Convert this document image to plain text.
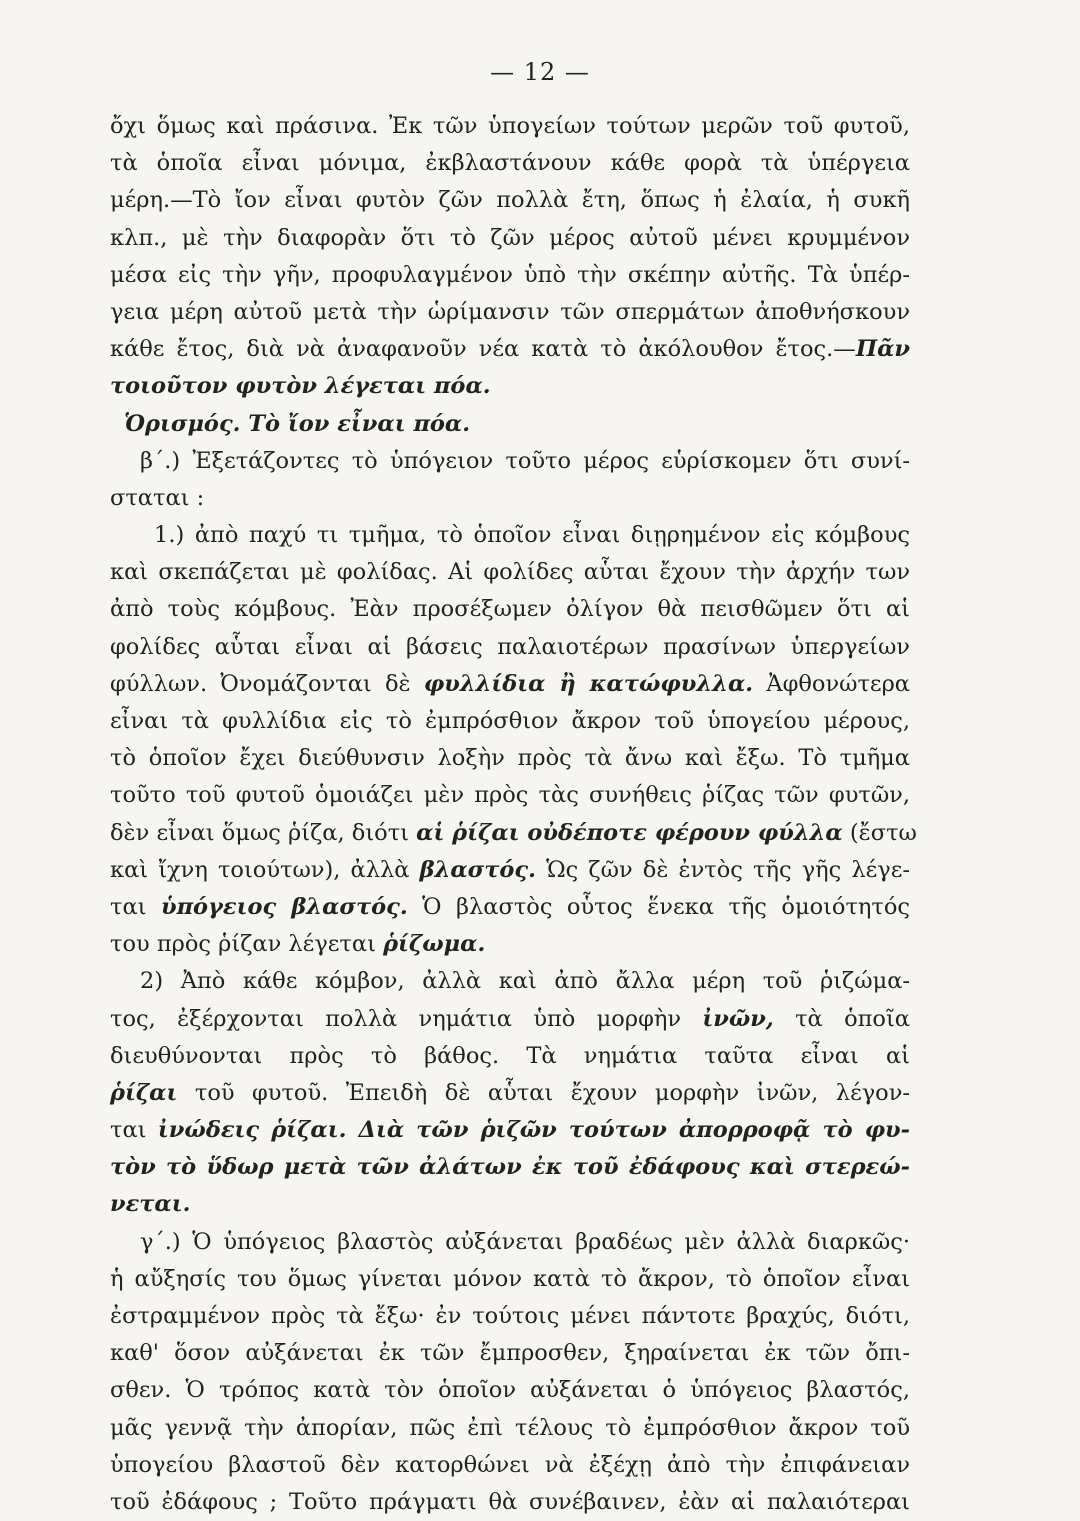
— 12 —
ὄχι ὅμως καὶ πράσινα. Ἐκ τῶν ὑπογείων τούτων μερῶν τοῦ φυτοῦ,
τὰ ὁποῖα εἶναι μόνιμα, ἐκβλαστάνουν κάθε φορὰ τὰ ὑπέργεια
μέρη.—Τὸ ἴον εἶναι φυτὸν ζῶν πολλὰ ἔτη, ὅπως ἡ ἐλαία, ἡ συκῆ
κλπ., μὲ τὴν διαφορὰν ὅτι τὸ ζῶν μέρος αὐτοῦ μένει κρυμμένον
μέσα εἰς τὴν γῆν, προφυλαγμένον ὑπὸ τὴν σκέπην αὐτῆς. Τὰ ὑπέρ-
γεια μέρη αὐτοῦ μετὰ τὴν ὡρίμανσιν τῶν σπερμάτων ἀποθνήσκουν
κάθε ἔτος, διὰ νὰ ἀναφανοῦν νέα κατὰ τὸ ἀκόλουθον ἔτος.—Πᾶν
τοιοῦτον φυτὸν λέγεται πόα.
Ὁρισμός. Τὸ ἴον εἶναι πόα.
β΄.) Ἐξετάζοντες τὸ ὑπόγειον τοῦτο μέρος εὑρίσκομεν ὅτι συνί-
σταται :
1.) ἀπὸ παχύ τι τμῆμα, τὸ ὁποῖον εἶναι διῃρημένον εἰς κόμβους
καὶ σκεπάζεται μὲ φολίδας. Αἱ φολίδες αὗται ἔχουν τὴν ἀρχήν των
ἀπὸ τοὺς κόμβους. Ἐὰν προσέξωμεν ὀλίγον θὰ πεισθῶμεν ὅτι αἱ
φολίδες αὗται εἶναι αἱ βάσεις παλαιοτέρων πρασίνων ὑπεργείων
φύλλων. Ὀνομάζονται δὲ φυλλίδια ἢ κατώφυλλα. Ἀφθονώτερα
εἶναι τὰ φυλλίδια εἰς τὸ ἐμπρόσθιον ἄκρον τοῦ ὑπογείου μέρους,
τὸ ὁποῖον ἔχει διεύθυνσιν λοξὴν πρὸς τὰ ἄνω καὶ ἔξω. Τὸ τμῆμα
τοῦτο τοῦ φυτοῦ ὁμοιάζει μὲν πρὸς τὰς συνήθεις ῥίζας τῶν φυτῶν,
δὲν εἶναι ὅμως ῥίζα, διότι αἱ ῥίζαι οὐδέποτε φέρουν φύλλα (ἔστω
καὶ ἴχνη τοιούτων), ἀλλὰ βλαστός. Ὡς ζῶν δὲ ἐντὸς τῆς γῆς λέγε-
ται ὑπόγειος βλαστός. Ὁ βλαστὸς οὗτος ἕνεκα τῆς ὁμοιότητός
του πρὸς ῥίζαν λέγεται ῥίζωμα.
2) Ἀπὸ κάθε κόμβον, ἀλλὰ καὶ ἀπὸ ἄλλα μέρη τοῦ ῥιζώμα-
τος, ἐξέρχονται πολλὰ νημάτια ὑπὸ μορφὴν ἰνῶν, τὰ ὁποῖα
διευθύνονται πρὸς τὸ βάθος. Τὰ νημάτια ταῦτα εἶναι αἱ
ῥίζαι τοῦ φυτοῦ. Ἐπειδὴ δὲ αὗται ἔχουν μορφὴν ἰνῶν, λέγον-
ται ἰνώδεις ῥίζαι. Διὰ τῶν ῥιζῶν τούτων ἀπορροφᾷ τὸ φυ-
τὸν τὸ ὕδωρ μετὰ τῶν ἀλάτων ἐκ τοῦ ἐδάφους καὶ στερεώ-
νεται.
γ΄.) Ὁ ὑπόγειος βλαστὸς αὐξάνεται βραδέως μὲν ἀλλὰ διαρκῶς·
ἡ αὔξησίς του ὅμως γίνεται μόνον κατὰ τὸ ἄκρον, τὸ ὁποῖον εἶναι
ἐστραμμένον πρὸς τὰ ἔξω· ἐν τούτοις μένει πάντοτε βραχύς, διότι,
καθ' ὅσον αὐξάνεται ἐκ τῶν ἔμπροσθεν, ξηραίνεται ἐκ τῶν ὄπι-
σθεν. Ὁ τρόπος κατὰ τὸν ὁποῖον αὐξάνεται ὁ ὑπόγειος βλαστός,
μᾶς γεννᾷ τὴν ἀπορίαν, πῶς ἐπὶ τέλους τὸ ἐμπρόσθιον ἄκρον τοῦ
ὑπογείου βλαστοῦ δὲν κατορθώνει νὰ ἐξέχῃ ἀπὸ τὴν ἐπιφάνειαν
τοῦ ἐδάφους ; Τοῦτο πράγματι θὰ συνέβαινεν, ἐὰν αἱ παλαιότεραι
